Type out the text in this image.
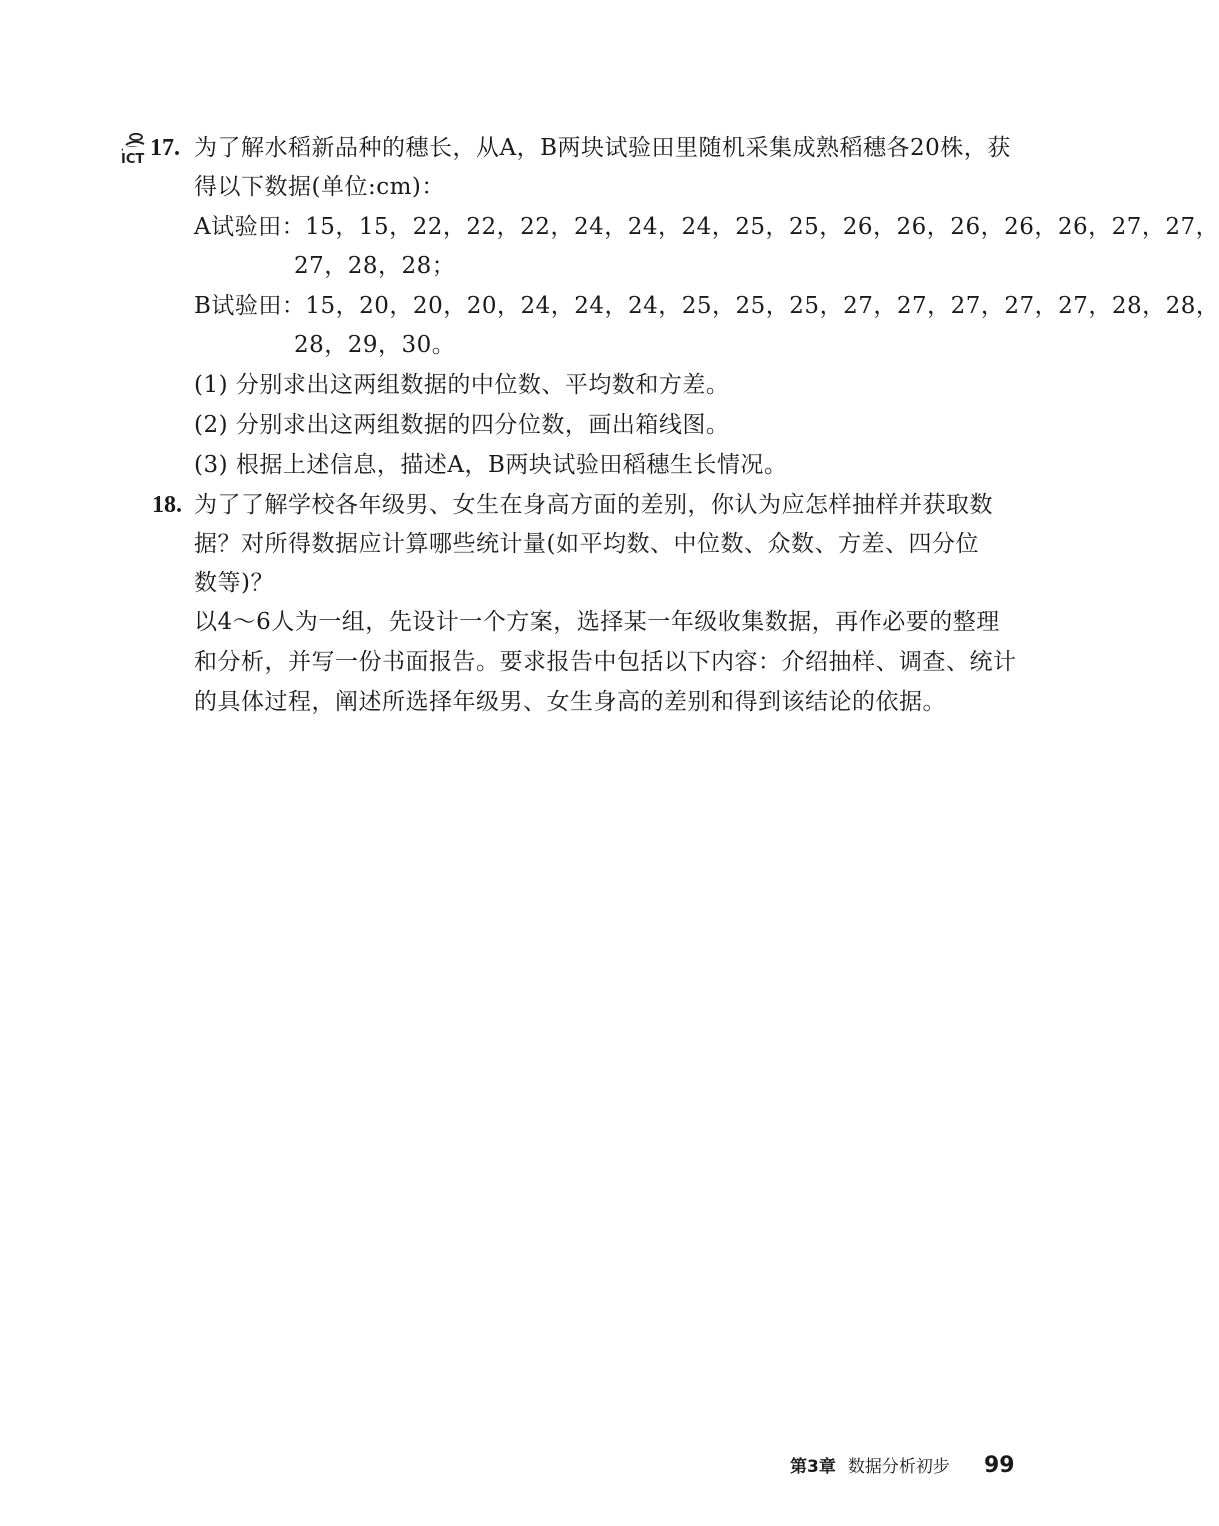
ICT 17. 为了解水稻新品种的穗长，从A，B两块试验田里随机采集成熟稻穗各20株，获
得以下数据(单位:cm)：
A试验田：15，15，22，22，22，24，24，24，25，25，26，26，26，26，26，27，27，
27，28，28；
B试验田：15，20，20，20，24，24，24，25，25，25，27，27，27，27，27，28，28，
28，29，30。
(1) 分别求出这两组数据的中位数、平均数和方差。
(2) 分别求出这两组数据的四分位数，画出箱线图。
(3) 根据上述信息，描述A，B两块试验田稻穗生长情况。
18. 为了了解学校各年级男、女生在身高方面的差别，你认为应怎样抽样并获取数
据？对所得数据应计算哪些统计量(如平均数、中位数、众数、方差、四分位
数等)？
以4～6人为一组，先设计一个方案，选择某一年级收集数据，再作必要的整理
和分析，并写一份书面报告。要求报告中包括以下内容：介绍抽样、调查、统计
的具体过程，阐述所选择年级男、女生身高的差别和得到该结论的依据。
第3章 数据分析初步 99
